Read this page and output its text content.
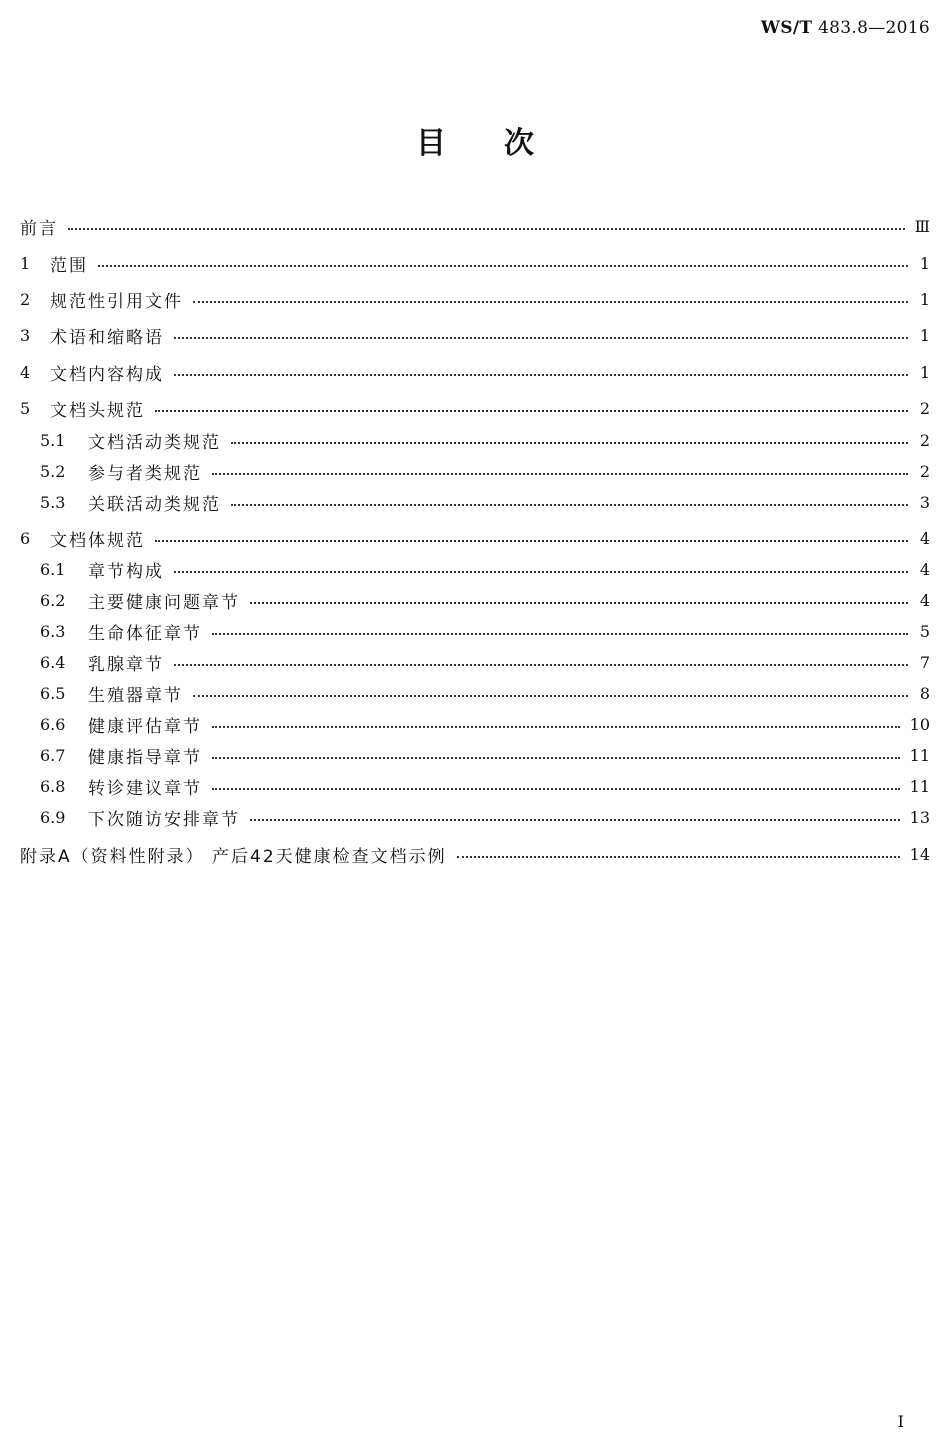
WS/T 483.8—2016
目次
前言	Ⅲ
1	范围	1
2	规范性引用文件	1
3	术语和缩略语	1
4	文档内容构成	1
5	文档头规范	2
5.1	文档活动类规范	2
5.2	参与者类规范	2
5.3	关联活动类规范	3
6	文档体规范	4
6.1	章节构成	4
6.2	主要健康问题章节	4
6.3	生命体征章节	5
6.4	乳腺章节	7
6.5	生殖器章节	8
6.6	健康评估章节	10
6.7	健康指导章节	11
6.8	转诊建议章节	11
6.9	下次随访安排章节	13
附录A（资料性附录） 产后42天健康检查文档示例	14
I
